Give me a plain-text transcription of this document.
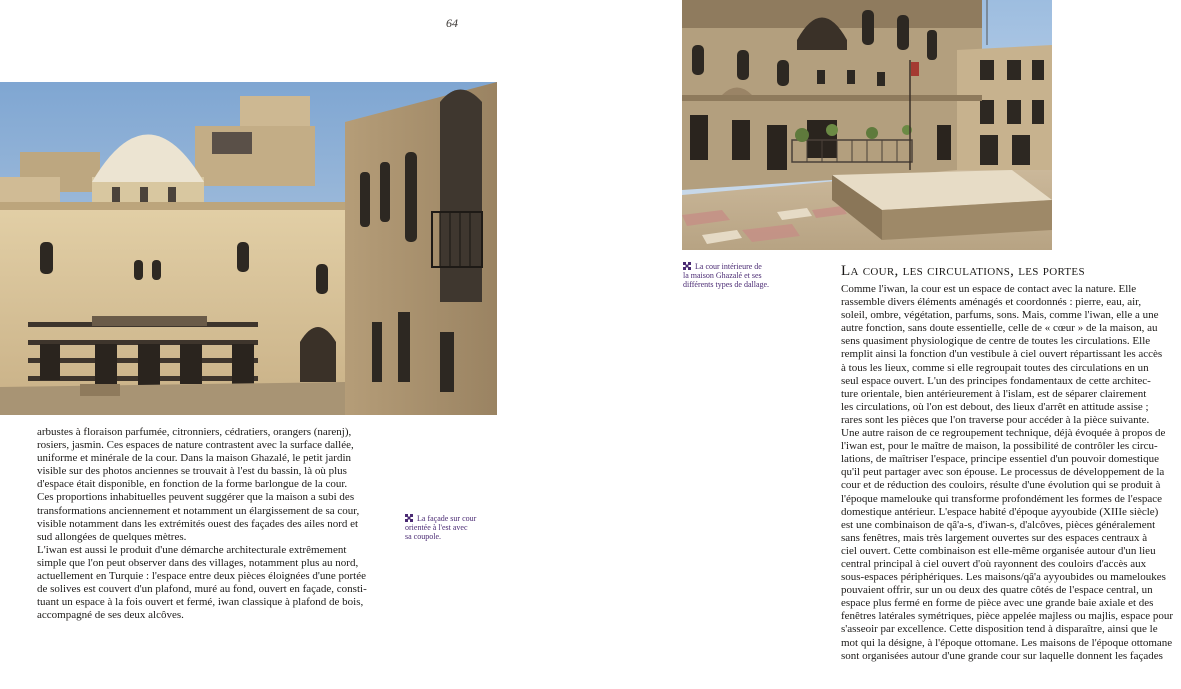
64

arbustes à floraison parfumée, citronniers, cédratiers, orangers (narenj),
rosiers, jasmin. Ces espaces de nature contrastent avec la surface dallée,
uniforme et minérale de la cour. Dans la maison Ghazalé, le petit jardin
visible sur des photos anciennes se trouvait à l'est du bassin, là où plus
d'espace était disponible, en fonction de la forme barlongue de la cour.
Ces proportions inhabituelles peuvent suggérer que la maison a subi des
transformations anciennement et notamment un élargissement de sa cour,
visible notamment dans les extrémités ouest des façades des ailes nord et
sud allongées de quelques mètres.
L'iwan est aussi le produit d'une démarche architecturale extrêmement
simple que l'on peut observer dans des villages, notamment plus au nord,
actuellement en Turquie : l'espace entre deux pièces éloignées d'une portée
de solives est couvert d'un plafond, muré au fond, ouvert en façade, consti-
tuant un espace à la fois ouvert et fermé, iwan classique à plafond de bois,
accompagné de ses deux alcôves.

La façade sur cour
orientée à l'est avec
sa coupole.
La cour intérieure de
la maison Ghazalé et ses
différents types de dallage.
La cour, les circulations, les portes

Comme l'iwan, la cour est un espace de contact avec la nature. Elle
rassemble divers éléments aménagés et coordonnés : pierre, eau, air,
soleil, ombre, végétation, parfums, sons. Mais, comme l'iwan, elle a une
autre fonction, sans doute essentielle, celle de « cœur » de la maison, au
sens quasiment physiologique de centre de toutes les circulations. Elle
remplit ainsi la fonction d'un vestibule à ciel ouvert répartissant les accès
à tous les lieux, comme si elle regroupait toutes des circulations en un
seul espace ouvert. L'un des principes fondamentaux de cette architec-
ture orientale, bien antérieurement à l'islam, est de séparer clairement
les circulations, où l'on est debout, des lieux d'arrêt en attitude assise ;
rares sont les pièces que l'on traverse pour accéder à la pièce suivante.
Une autre raison de ce regroupement technique, déjà évoquée à propos de
l'iwan est, pour le maître de maison, la possibilité de contrôler les circu-
lations, de maîtriser l'espace, principe essentiel d'un pouvoir domestique
qu'il peut partager avec son épouse. Le processus de développement de la
cour et de réduction des couloirs, résulte d'une évolution qui se produit à
l'époque mamelouke qui transforme profondément les formes de l'espace
domestique antérieur. L'espace habité d'époque ayyoubide (XIIIe siècle)
est une combinaison de qâ'a-s, d'iwan-s, d'alcôves, pièces généralement
sans fenêtres, mais très largement ouvertes sur des espaces centraux à
ciel ouvert. Cette combinaison est elle-même organisée autour d'un lieu
central principal à ciel ouvert d'où rayonnent des couloirs d'accès aux
sous-espaces périphériques. Les maisons/qâ'a ayyoubides ou mameloukes
pouvaient offrir, sur un ou deux des quatre côtés de l'espace central, un
espace plus fermé en forme de pièce avec une grande baie axiale et des
fenêtres latérales symétriques, pièce appelée majless ou majlis, espace pour
s'asseoir par excellence. Cette disposition tend à disparaître, ainsi que le
mot qui la désigne, à l'époque ottomane. Les maisons de l'époque ottomane
sont organisées autour d'une grande cour sur laquelle donnent les façades
